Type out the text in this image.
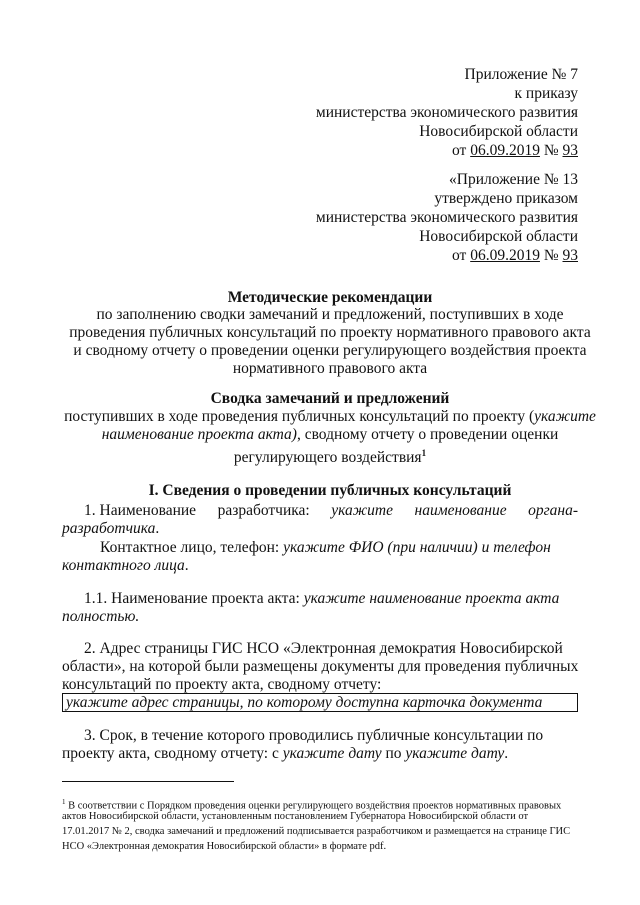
Приложение № 7
к приказу
министерства экономического развития
Новосибирской области
от 06.09.2019 № 93
«Приложение № 13
утверждено приказом
министерства экономического развития
Новосибирской области
от 06.09.2019 № 93
Методические рекомендации
по заполнению сводки замечаний и предложений, поступивших в ходе
проведения публичных консультаций по проекту нормативного правового акта
и сводному отчету о проведении оценки регулирующего воздействия проекта
нормативного правового акта
Сводка замечаний и предложений
поступивших в ходе проведения публичных консультаций по проекту (укажите
наименование проекта акта), сводному отчету о проведении оценки
регулирующего воздействия$^1$
I. Сведения о проведении публичных консультаций
1. Наименование разработчика: укажите наименование органа-
разработчика.
Контактное лицо, телефон: укажите ФИО (при наличии) и телефон
контактного лица.
1.1. Наименование проекта акта: укажите наименование проекта акта
полностью.
2. Адрес страницы ГИС НСО «Электронная демократия Новосибирской
области», на которой были размещены документы для проведения публичных
консультаций по проекту акта, сводному отчету:
укажите адрес страницы, по которому доступна карточка документа
3. Срок, в течение которого проводились публичные консультации по
проекту акта, сводному отчету: с укажите дату по укажите дату.
$^1$ В соответствии с Порядком проведения оценки регулирующего воздействия проектов нормативных правовых
актов Новосибирской области, установленным постановлением Губернатора Новосибирской области от
17.01.2017 № 2, сводка замечаний и предложений подписывается разработчиком и размещается на странице ГИС
НСО «Электронная демократия Новосибирской области» в формате pdf.
